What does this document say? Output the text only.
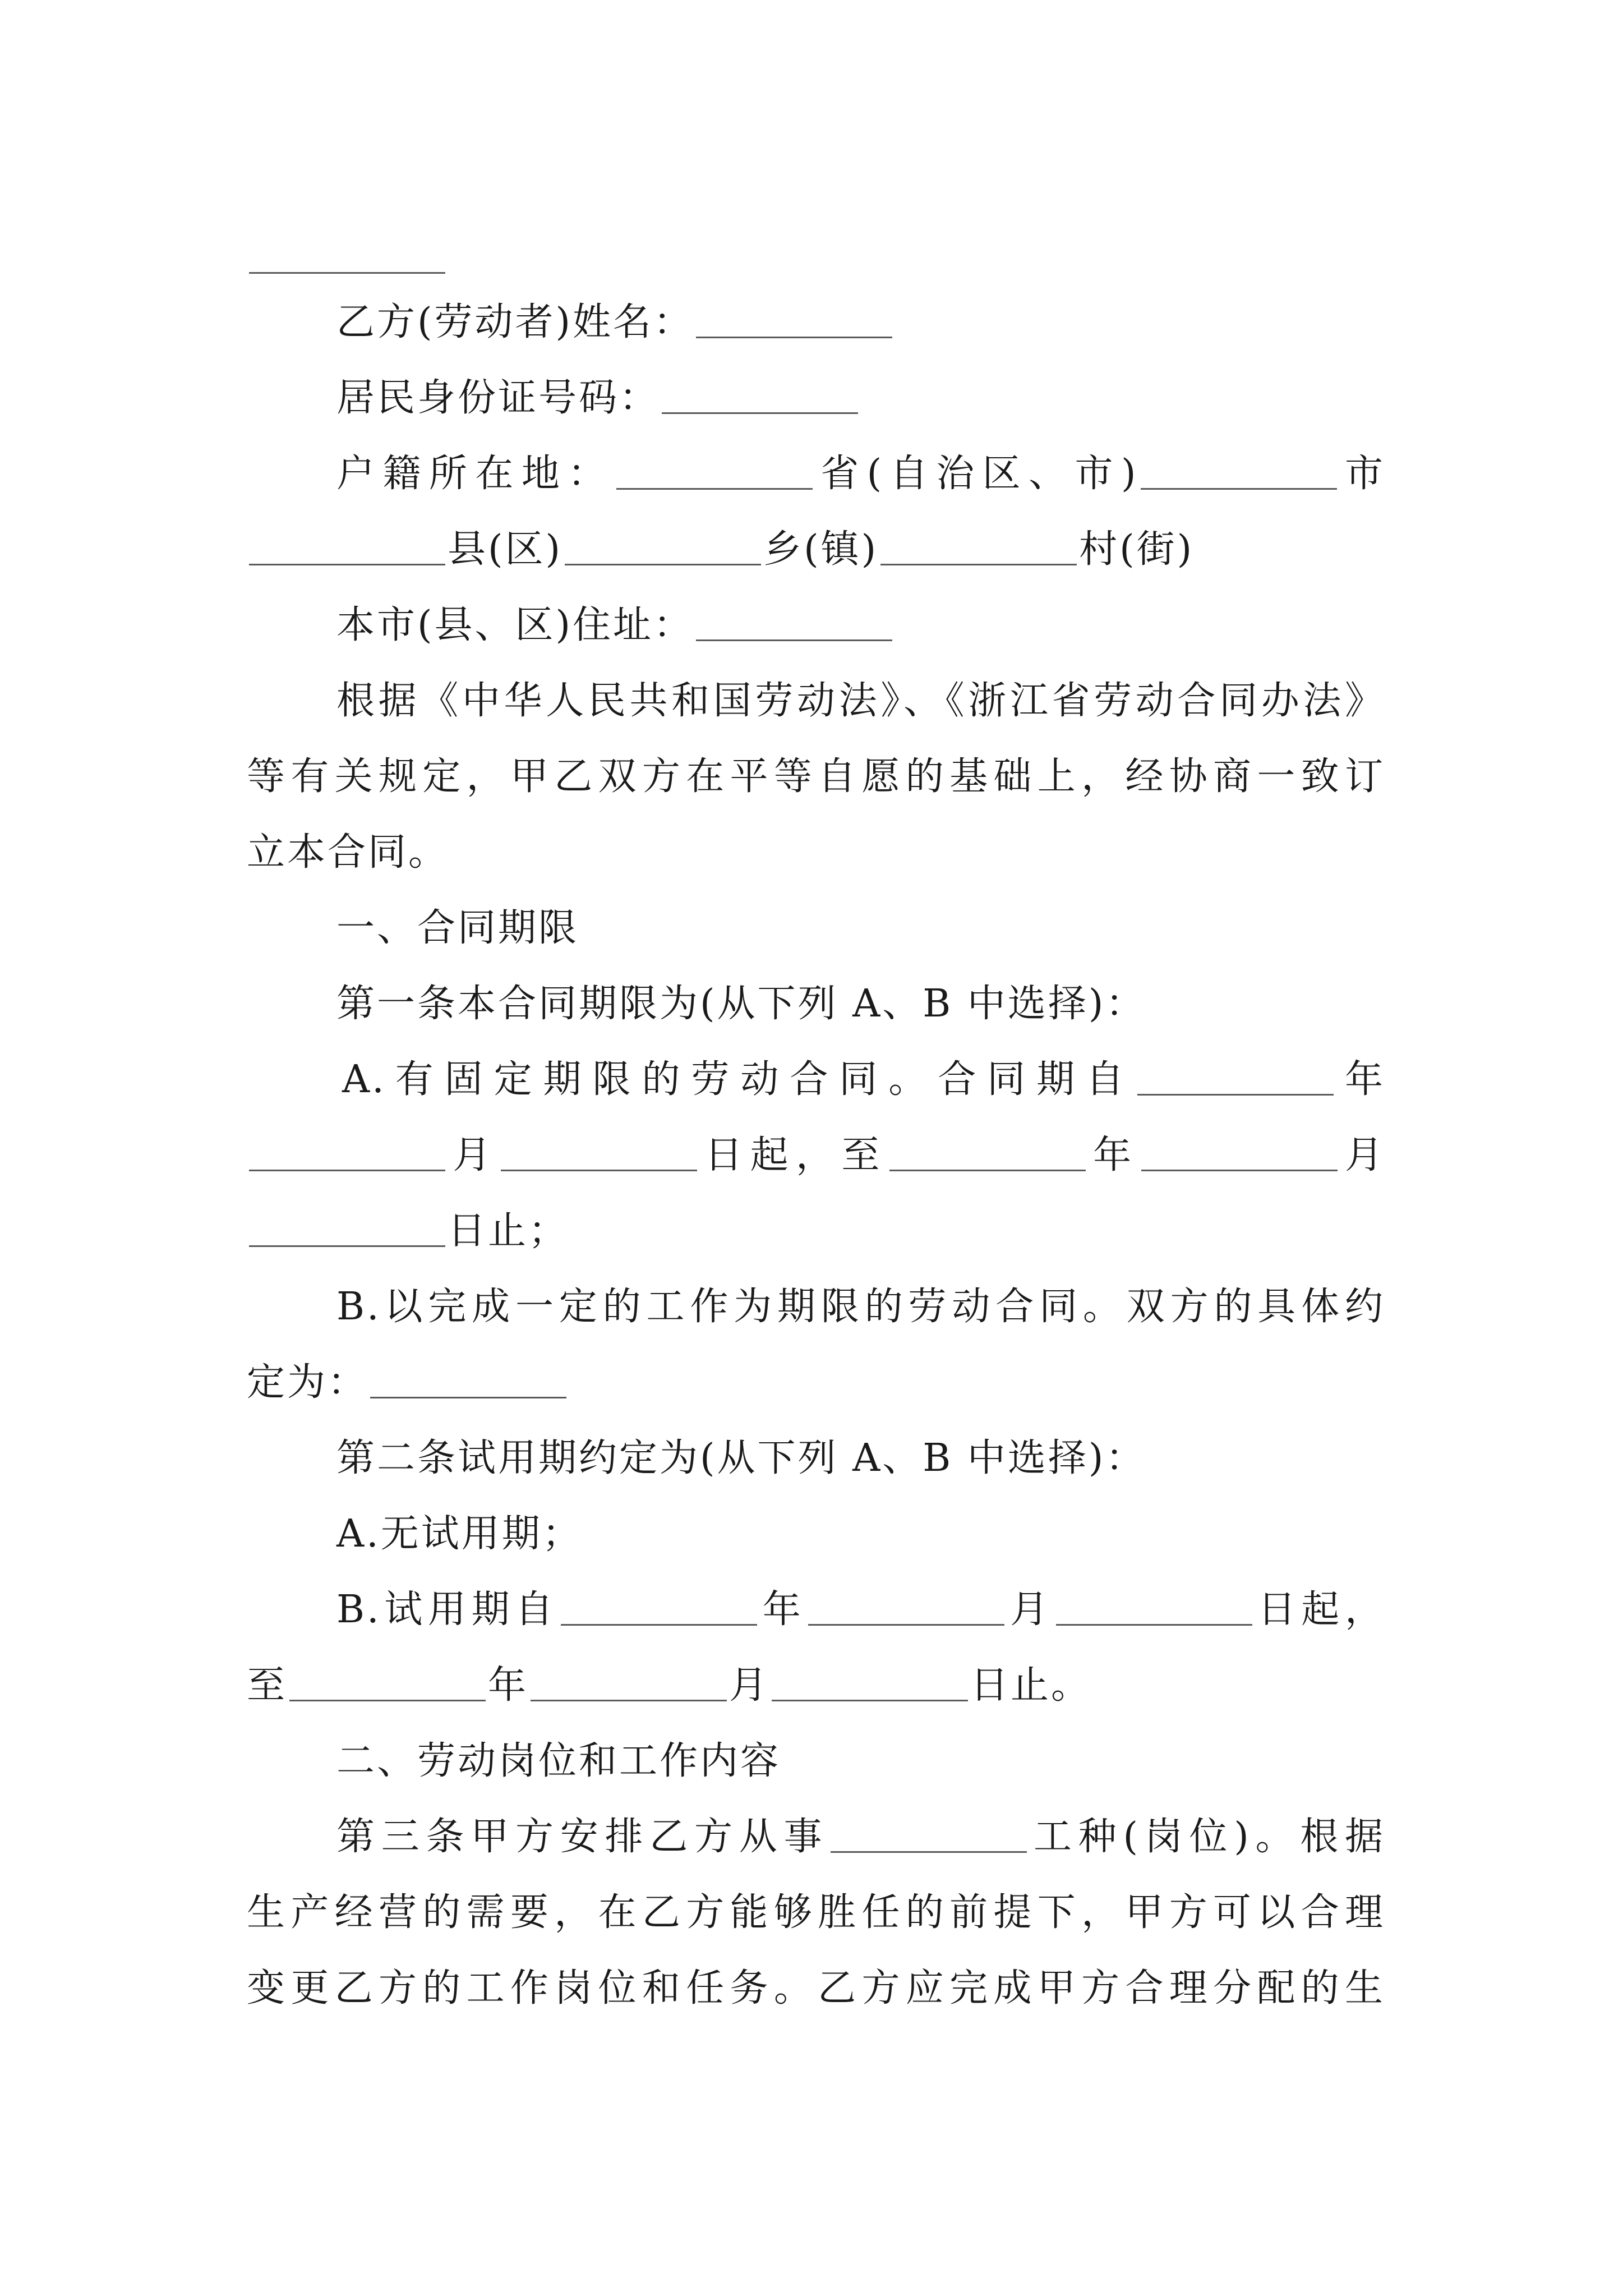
乙方(劳动者)姓名：
居民身份证号码：
户籍所在地：	省(自治区、市)	市
县(区)	乡(镇)	村(街)
本市(县、区)住址：
根据《中华人民共和国劳动法》、《浙江省劳动合同办法》
等有关规定，甲乙双方在平等自愿的基础上，经协商一致订
立本合同。
一、合同期限
第一条本合同期限为(从下列 A、B 中选择)：
A.有固定期限的劳动合同。合同期自	年
月	日起，至	年	月
日止；
B.以完成一定的工作为期限的劳动合同。双方的具体约
定为：
第二条试用期约定为(从下列 A、B 中选择)：
A.无试用期；
B.试用期自	年	月	日起，
至	年	月	日止。
二、劳动岗位和工作内容
第三条甲方安排乙方从事	工种(岗位)。根据
生产经营的需要，在乙方能够胜任的前提下，甲方可以合理
变更乙方的工作岗位和任务。乙方应完成甲方合理分配的生
